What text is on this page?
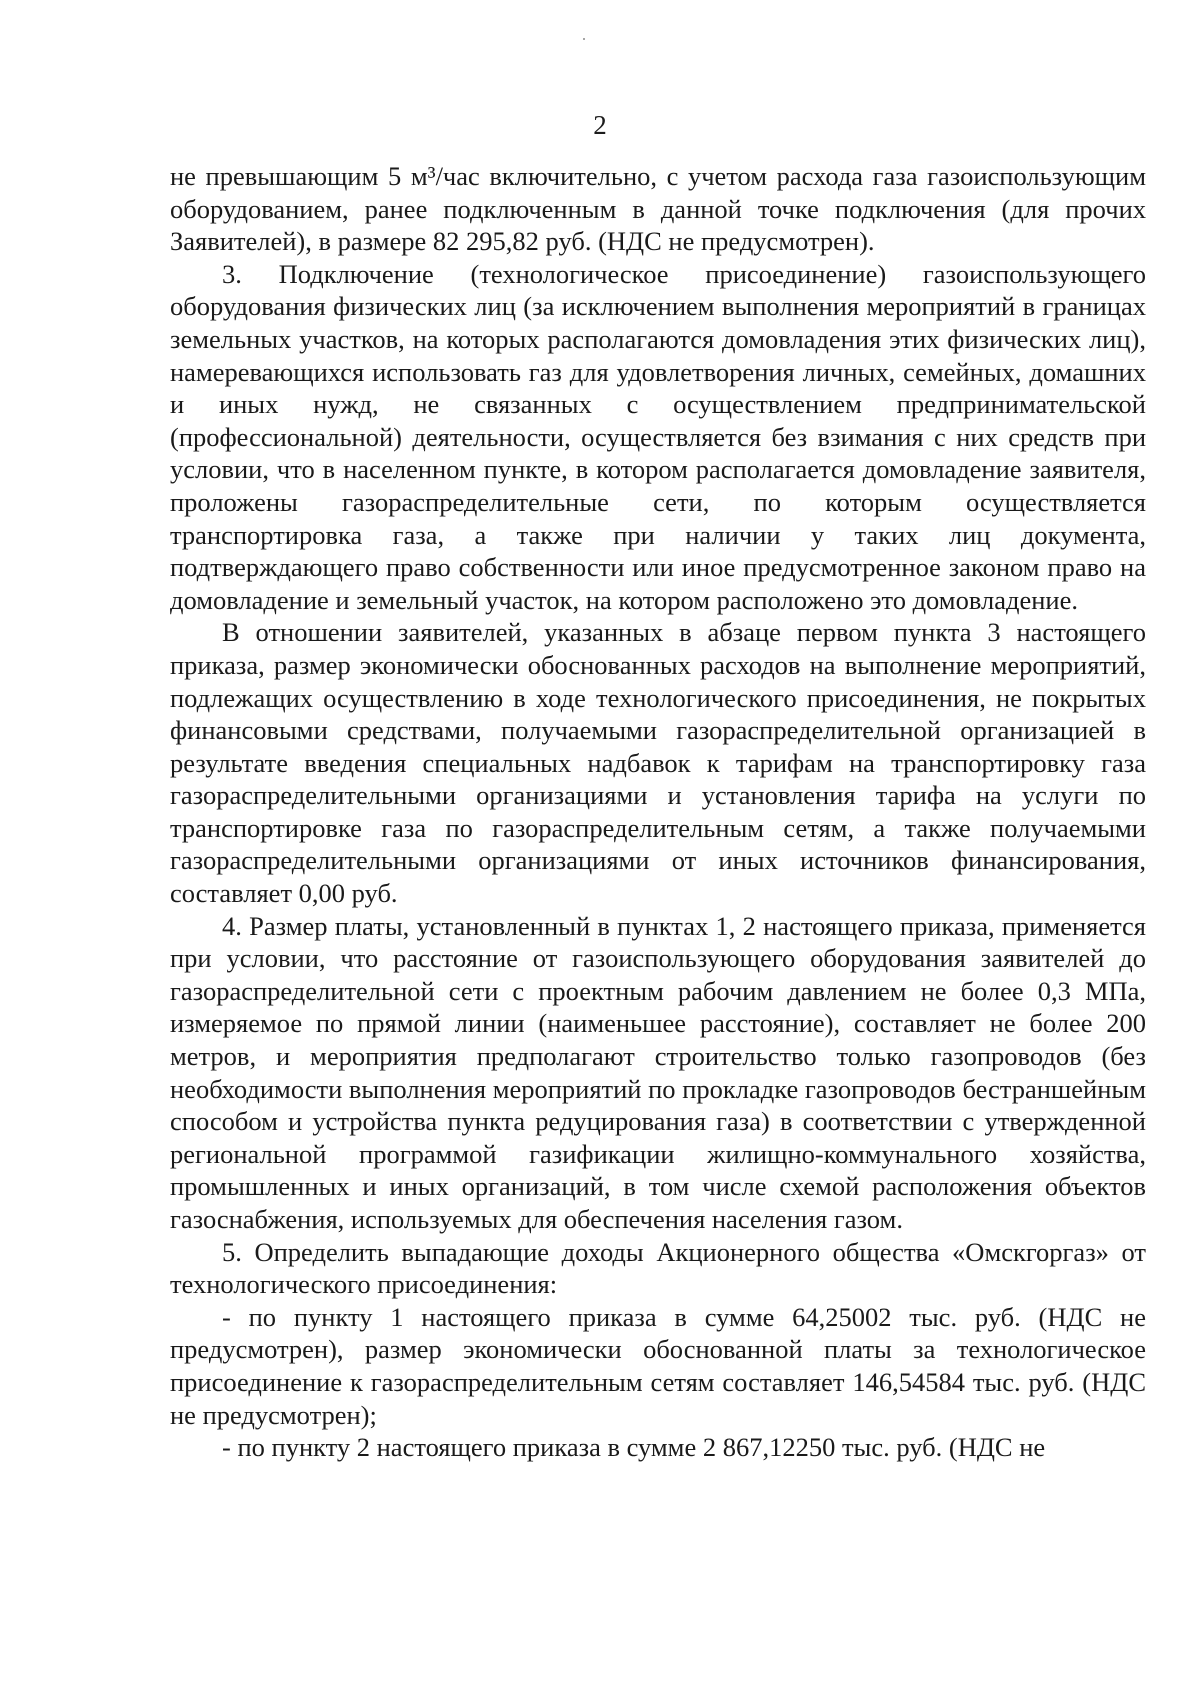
2

не превышающим 5 м³/час включительно, с учетом расхода газа газоиспользующим оборудованием, ранее подключенным в данной точке подключения (для прочих Заявителей), в размере 82 295,82 руб. (НДС не предусмотрен).

3. Подключение (технологическое присоединение) газоиспользующего оборудования физических лиц (за исключением выполнения мероприятий в границах земельных участков, на которых располагаются домовладения этих физических лиц), намеревающихся использовать газ для удовлетворения личных, семейных, домашних и иных нужд, не связанных с осуществлением предпринимательской (профессиональной) деятельности, осуществляется без взимания с них средств при условии, что в населенном пункте, в котором располагается домовладение заявителя, проложены газораспределительные сети, по которым осуществляется транспортировка газа, а также при наличии у таких лиц документа, подтверждающего право собственности или иное предусмотренное законом право на домовладение и земельный участок, на котором расположено это домовладение.

В отношении заявителей, указанных в абзаце первом пункта 3 настоящего приказа, размер экономически обоснованных расходов на выполнение мероприятий, подлежащих осуществлению в ходе технологического присоединения, не покрытых финансовыми средствами, получаемыми газораспределительной организацией в результате введения специальных надбавок к тарифам на транспортировку газа газораспределительными организациями и установления тарифа на услуги по транспортировке газа по газораспределительным сетям, а также получаемыми газораспределительными организациями от иных источников финансирования, составляет 0,00 руб.

4. Размер платы, установленный в пунктах 1, 2 настоящего приказа, применяется при условии, что расстояние от газоиспользующего оборудования заявителей до газораспределительной сети с проектным рабочим давлением не более 0,3 МПа, измеряемое по прямой линии (наименьшее расстояние), составляет не более 200 метров, и мероприятия предполагают строительство только газопроводов (без необходимости выполнения мероприятий по прокладке газопроводов бестраншейным способом и устройства пункта редуцирования газа) в соответствии с утвержденной региональной программой газификации жилищно-коммунального хозяйства, промышленных и иных организаций, в том числе схемой расположения объектов газоснабжения, используемых для обеспечения населения газом.

5. Определить выпадающие доходы Акционерного общества «Омскгоргаз» от технологического присоединения:

- по пункту 1 настоящего приказа в сумме 64,25002 тыс. руб. (НДС не предусмотрен), размер экономически обоснованной платы за технологическое присоединение к газораспределительным сетям составляет 146,54584 тыс. руб. (НДС не предусмотрен);

- по пункту 2 настоящего приказа в сумме 2 867,12250 тыс. руб. (НДС не
